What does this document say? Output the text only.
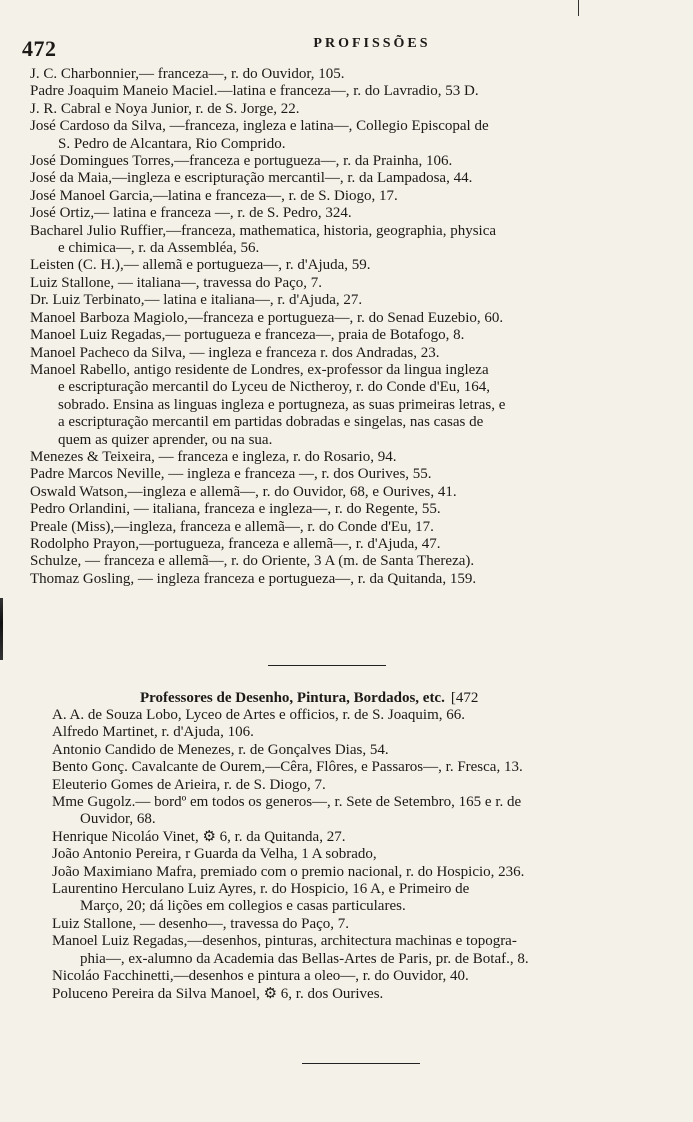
472	PROFISSÕES
J. C. Charbonnier,— franceza—, r. do Ouvidor, 105.
Padre Joaquim Maneio Maciel.—latina e franceza—, r. do Lavradio, 53 D.
J. R. Cabral e Noya Junior, r. de S. Jorge, 22.
José Cardoso da Silva, —franceza, ingleza e latina—, Collegio Episcopal de
S. Pedro de Alcantara, Rio Comprido.
José Domingues Torres,—franceza e portugueza—, r. da Prainha, 106.
José da Maia,—ingleza e escripturação mercantil—, r. da Lampadosa, 44.
José Manoel Garcia,—latina e franceza—, r. de S. Diogo, 17.
José Ortiz,— latina e franceza —, r. de S. Pedro, 324.
Bacharel Julio Ruffier,—franceza, mathematica, historia, geographia, physica
e chimica—, r. da Assembléa, 56.
Leisten (C. H.),— allemã e portugueza—, r. d'Ajuda, 59.
Luiz Stallone, — italiana—, travessa do Paço, 7.
Dr. Luiz Terbinato,— latina e italiana—, r. d'Ajuda, 27.
Manoel Barboza Magiolo,—franceza e portugueza—, r. do Senad Euzebio, 60.
Manoel Luiz Regadas,— portugueza e franceza—, praia de Botafogo, 8.
Manoel Pacheco da Silva, — ingleza e franceza r. dos Andradas, 23.
Manoel Rabello, antigo residente de Londres, ex-professor da lingua ingleza
e escripturação mercantil do Lyceu de Nictheroy, r. do Conde d'Eu, 164,
sobrado. Ensina as linguas ingleza e portugneza, as suas primeiras letras, e
a escripturação mercantil em partidas dobradas e singelas, nas casas de
quem as quizer aprender, ou na sua.
Menezes & Teixeira, — franceza e ingleza, r. do Rosario, 94.
Padre Marcos Neville, — ingleza e franceza —, r. dos Ourives, 55.
Oswald Watson,—ingleza e allemã—, r. do Ouvidor, 68, e Ourives, 41.
Pedro Orlandini, — italiana, franceza e ingleza—, r. do Regente, 55.
Preale (Miss),—ingleza, franceza e allemã—, r. do Conde d'Eu, 17.
Rodolpho Prayon,—portugueza, franceza e allemã—, r. d'Ajuda, 47.
Schulze, — franceza e allemã—, r. do Oriente, 3 A (m. de Santa Thereza).
Thomaz Gosling, — ingleza franceza e portugueza—, r. da Quitanda, 159.
Professores de Desenho, Pintura, Bordados, etc. [472
A. A. de Souza Lobo, Lyceo de Artes e officios, r. de S. Joaquim, 66.
Alfredo Martinet, r. d'Ajuda, 106.
Antonio Candido de Menezes, r. de Gonçalves Dias, 54.
Bento Gonç. Cavalcante de Ourem,—Cêra, Flôres, e Passaros—, r. Fresca, 13.
Eleuterio Gomes de Arieira, r. de S. Diogo, 7.
Mme Gugolz.— bordº em todos os generos—, r. Sete de Setembro, 165 e r. de
Ouvidor, 68.
Henrique Nicoláo Vinet, ⚙ 6, r. da Quitanda, 27.
João Antonio Pereira, r Guarda da Velha, 1 A sobrado,
João Maximiano Mafra, premiado com o premio nacional, r. do Hospicio, 236.
Laurentino Herculano Luiz Ayres, r. do Hospicio, 16 A, e Primeiro de
Março, 20; dá lições em collegios e casas particulares.
Luiz Stallone, — desenho—, travessa do Paço, 7.
Manoel Luiz Regadas,—desenhos, pinturas, architectura machinas e topogra-
phia—, ex-alumno da Academia das Bellas-Artes de Paris, pr. de Botaf., 8.
Nicoláo Facchinetti,—desenhos e pintura a oleo—, r. do Ouvidor, 40.
Poluceno Pereira da Silva Manoel, ⚙ 6, r. dos Ourives.
